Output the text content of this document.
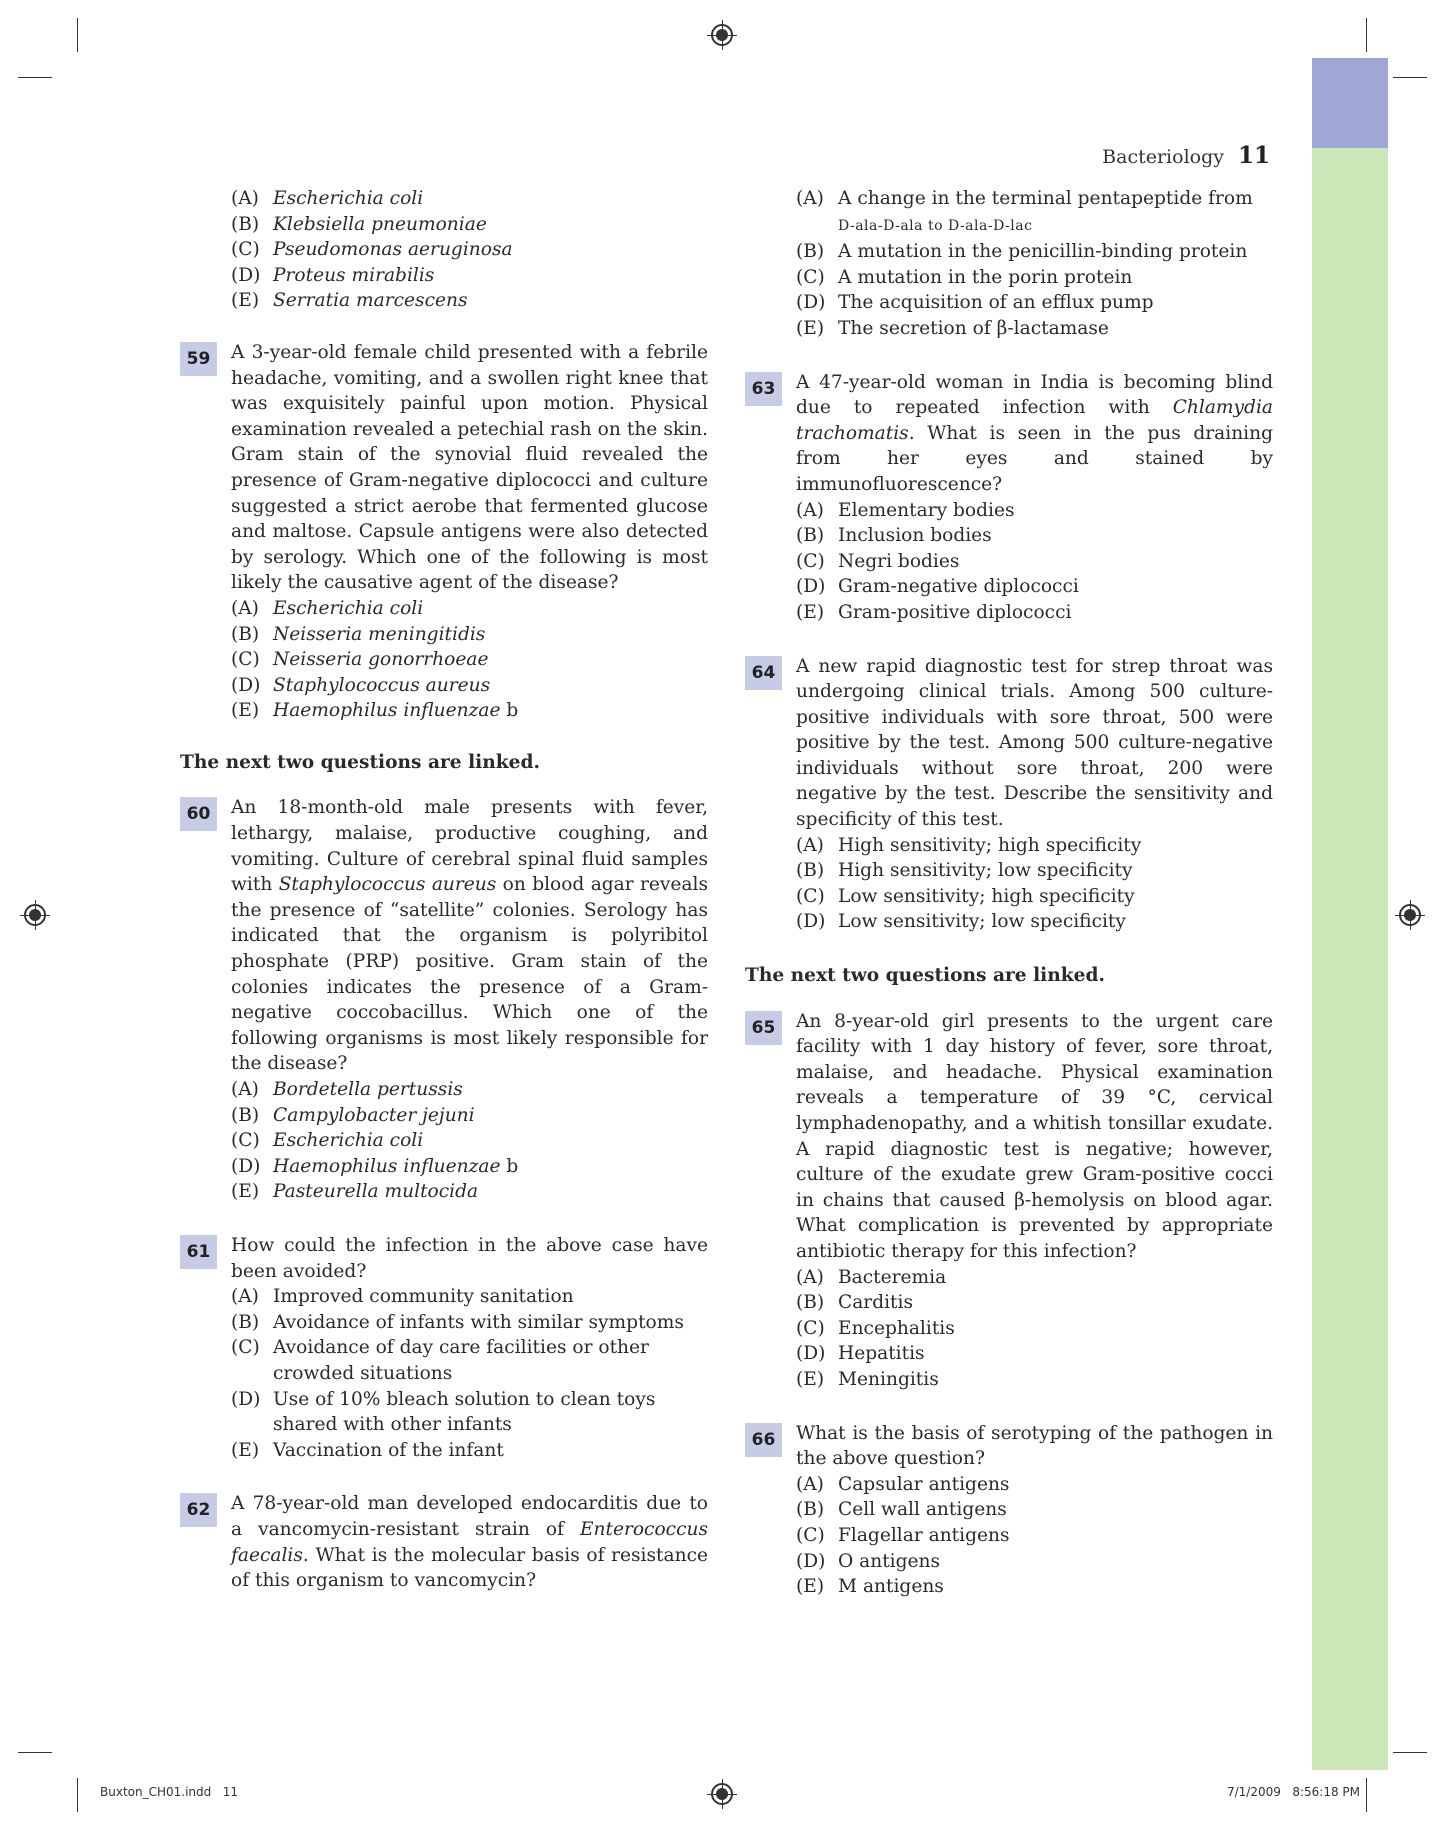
Bacteriology 11
(A) Escherichia coli
(B) Klebsiella pneumoniae
(C) Pseudomonas aeruginosa
(D) Proteus mirabilis
(E) Serratia marcescens
59	A 3-year-old female child presented with a febrile headache, vomiting, and a swollen right knee that was exquisitely painful upon motion. Physical examination revealed a petechial rash on the skin. Gram stain of the synovial fluid revealed the presence of Gram-negative diplococci and culture suggested a strict aerobe that fermented glucose and maltose. Capsule antigens were also detected by serology. Which one of the following is most likely the causative agent of the disease?

(A) Escherichia coli
(B) Neisseria meningitidis
(C) Neisseria gonorrhoeae
(D) Staphylococcus aureus
(E) Haemophilus influenzae b

The next two questions are linked.

60	An 18-month-old male presents with fever, lethargy, malaise, productive coughing, and vomiting. Culture of cerebral spinal fluid samples with Staphylococcus aureus on blood agar reveals the presence of “satellite” colonies. Serology has indicated that the organism is polyribitol phosphate (PRP) positive. Gram stain of the colonies indicates the presence of a Gram-negative coccobacillus. Which one of the following organisms is most likely responsible for the disease?

(A) Bordetella pertussis
(B) Campylobacter jejuni
(C) Escherichia coli
(D) Haemophilus influenzae b
(E) Pasteurella multocida
61	How could the infection in the above case have been avoided?

(A) Improved community sanitation
(B) Avoidance of infants with similar symptoms
(C) Avoidance of day care facilities or other crowded situations
(D) Use of 10% bleach solution to clean toys shared with other infants
(E) Vaccination of the infant
62	A 78-year-old man developed endocarditis due to a vancomycin-resistant strain of Enterococcus faecalis. What is the molecular basis of resistance of this organism to vancomycin?

(A) A change in the terminal pentapeptide from
D-ala-D-ala to D-ala-D-lac
(B) A mutation in the penicillin-binding protein
(C) A mutation in the porin protein
(D) The acquisition of an efflux pump
(E) The secretion of β-lactamase
63	A 47-year-old woman in India is becoming blind due to repeated infection with Chlamydia trachomatis. What is seen in the pus draining from her eyes and stained by immunofluorescence?

(A) Elementary bodies
(B) Inclusion bodies
(C) Negri bodies
(D) Gram-negative diplococci
(E) Gram-positive diplococci
64	A new rapid diagnostic test for strep throat was undergoing clinical trials. Among 500 culture-positive individuals with sore throat, 500 were positive by the test. Among 500 culture-negative individuals without sore throat, 200 were negative by the test. Describe the sensitivity and specificity of this test.

(A) High sensitivity; high specificity
(B) High sensitivity; low specificity
(C) Low sensitivity; high specificity
(D) Low sensitivity; low specificity

The next two questions are linked.

65	An 8-year-old girl presents to the urgent care facility with 1 day history of fever, sore throat, malaise, and headache. Physical examination reveals a temperature of 39 °C, cervical lymphadenopathy, and a whitish tonsillar exudate. A rapid diagnostic test is negative; however, culture of the exudate grew Gram-positive cocci in chains that caused β-hemolysis on blood agar. What complication is prevented by appropriate antibiotic therapy for this infection?

(A) Bacteremia
(B) Carditis
(C) Encephalitis
(D) Hepatitis
(E) Meningitis
66	What is the basis of serotyping of the pathogen in the above question?

(A) Capsular antigens
(B) Cell wall antigens
(C) Flagellar antigens
(D) O antigens
(E) M antigens
Buxton_CH01.indd   11	7/1/2009   8:56:18 PM
